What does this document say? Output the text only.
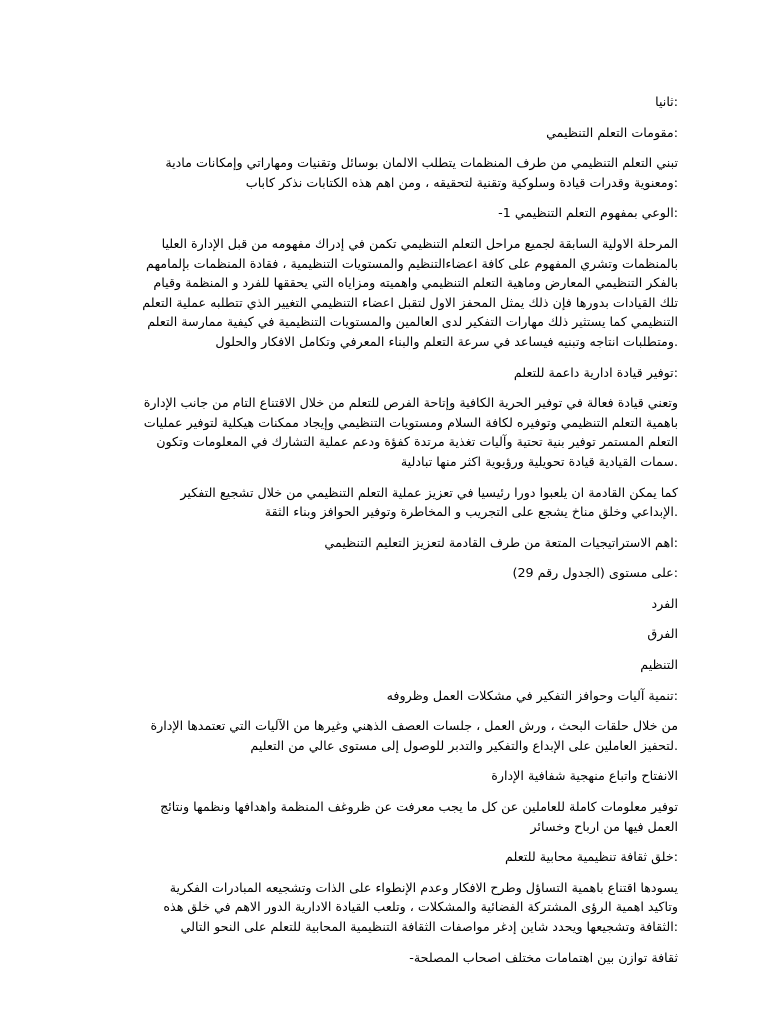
:ثانيا
:مقومات التعلم التنظيمي
تبني التعلم التنظيمي من طرف المنظمات يتطلب الالمان بوسائل وتقنيات ومهاراتي وإمكانات مادية
:ومعنوية وقدرات قيادة وسلوكية وتقنية لتحقيقه ، ومن اهم هذه الكتابات نذكر كاباب
:الوعي بمفهوم التعلم التنظيمي 1-
المرحلة الاولية السابقة لجميع مراحل التعلم التنظيمي تكمن في إدراك مفهومه من قبل الإدارة العليا
بالمنظمات وتشري المفهوم على كافة اعضاءالتنظيم والمستويات التنظيمية ، فقادة المنظمات بإلمامهم
بالفكر التنظيمي المعارض وماهية التعلم التنظيمي واهميته ومزاياه التي يحققها للفرد و المنظمة وقيام
تلك القيادات بدورها فإن ذلك يمثل المحفز الاول لتقبل اعضاء التنظيمي التغيير الذي تتطلبه عملية التعلم
التنظيمي كما يستثير ذلك مهارات التفكير لدى العالمين والمستويات التنظيمية في كيفية ممارسة التعلم
.ومتطلبات انتاجه وتبنيه فيساعد في سرعة التعلم والبناء المعرفي وتكامل الافكار والحلول
:توفير قيادة ادارية داعمة للتعلم
وتعني قيادة فعالة في توفير الحرية الكافية وإتاحة الفرص للتعلم من خلال الاقتناع التام من جانب الإدارة
باهمية التعلم التنظيمي وتوفيره لكافة السلام ومستويات التنظيمي وإيجاد ممكنات هيكلية لتوفير عمليات
التعلم المستمر توفير بنية تحتية وآليات تغذية مرتدة كفؤة ودعم عملية التشارك في المعلومات وتكون
.سمات القيادية قيادة تحويلية ورؤيوية اكثر منها تبادلية
كما يمكن القادمة ان يلعبوا دورا رئيسيا في تعزيز عملية التعلم التنظيمي من خلال تشجيع التفكير
.الإبداعي وخلق مناخ يشجع على التجريب و المخاطرة وتوفير الحوافز وبناء الثقة
:اهم الاستراتيجيات المتعة من طرف القادمة لتعزيز التعليم التنظيمي
:على مستوى (الجدول رقم 29)
الفرد
الفرق
التنظيم
:تنمية آليات وحوافز التفكير في مشكلات العمل وظروفه
من خلال حلقات البحث ، ورش العمل ، جلسات العصف الذهني وغيرها من الآليات التي تعتمدها الإدارة
.لتحفيز العاملين على الإبداع والتفكير والتدبر للوصول إلى مستوى عالي من التعليم
الانفتاح واتباع منهجية شفافية الإدارة
توفير معلومات كاملة للعاملين عن كل ما يجب معرفت عن ظروغف المنظمة واهدافها ونظمها ونتائج
العمل فيها من ارباح وخسائر
:خلق ثقافة تنظيمية محابية للتعلم
يسودها اقتناع باهمية التساؤل وطرح الافكار وعدم الإنطواء على الذات وتشجيعه المبادرات الفكرية
وتاكيد اهمية الرؤى المشتركة الفضائية والمشكلات ، وتلعب القيادة الادارية الدور الاهم في خلق هذه
:الثقافة وتشجيعها ويحدد شاين إدغر مواصفات الثقافة التنظيمية المحابية للتعلم على النحو التالي
ثقافة توازن بين اهتمامات مختلف اصحاب المصلحة-
